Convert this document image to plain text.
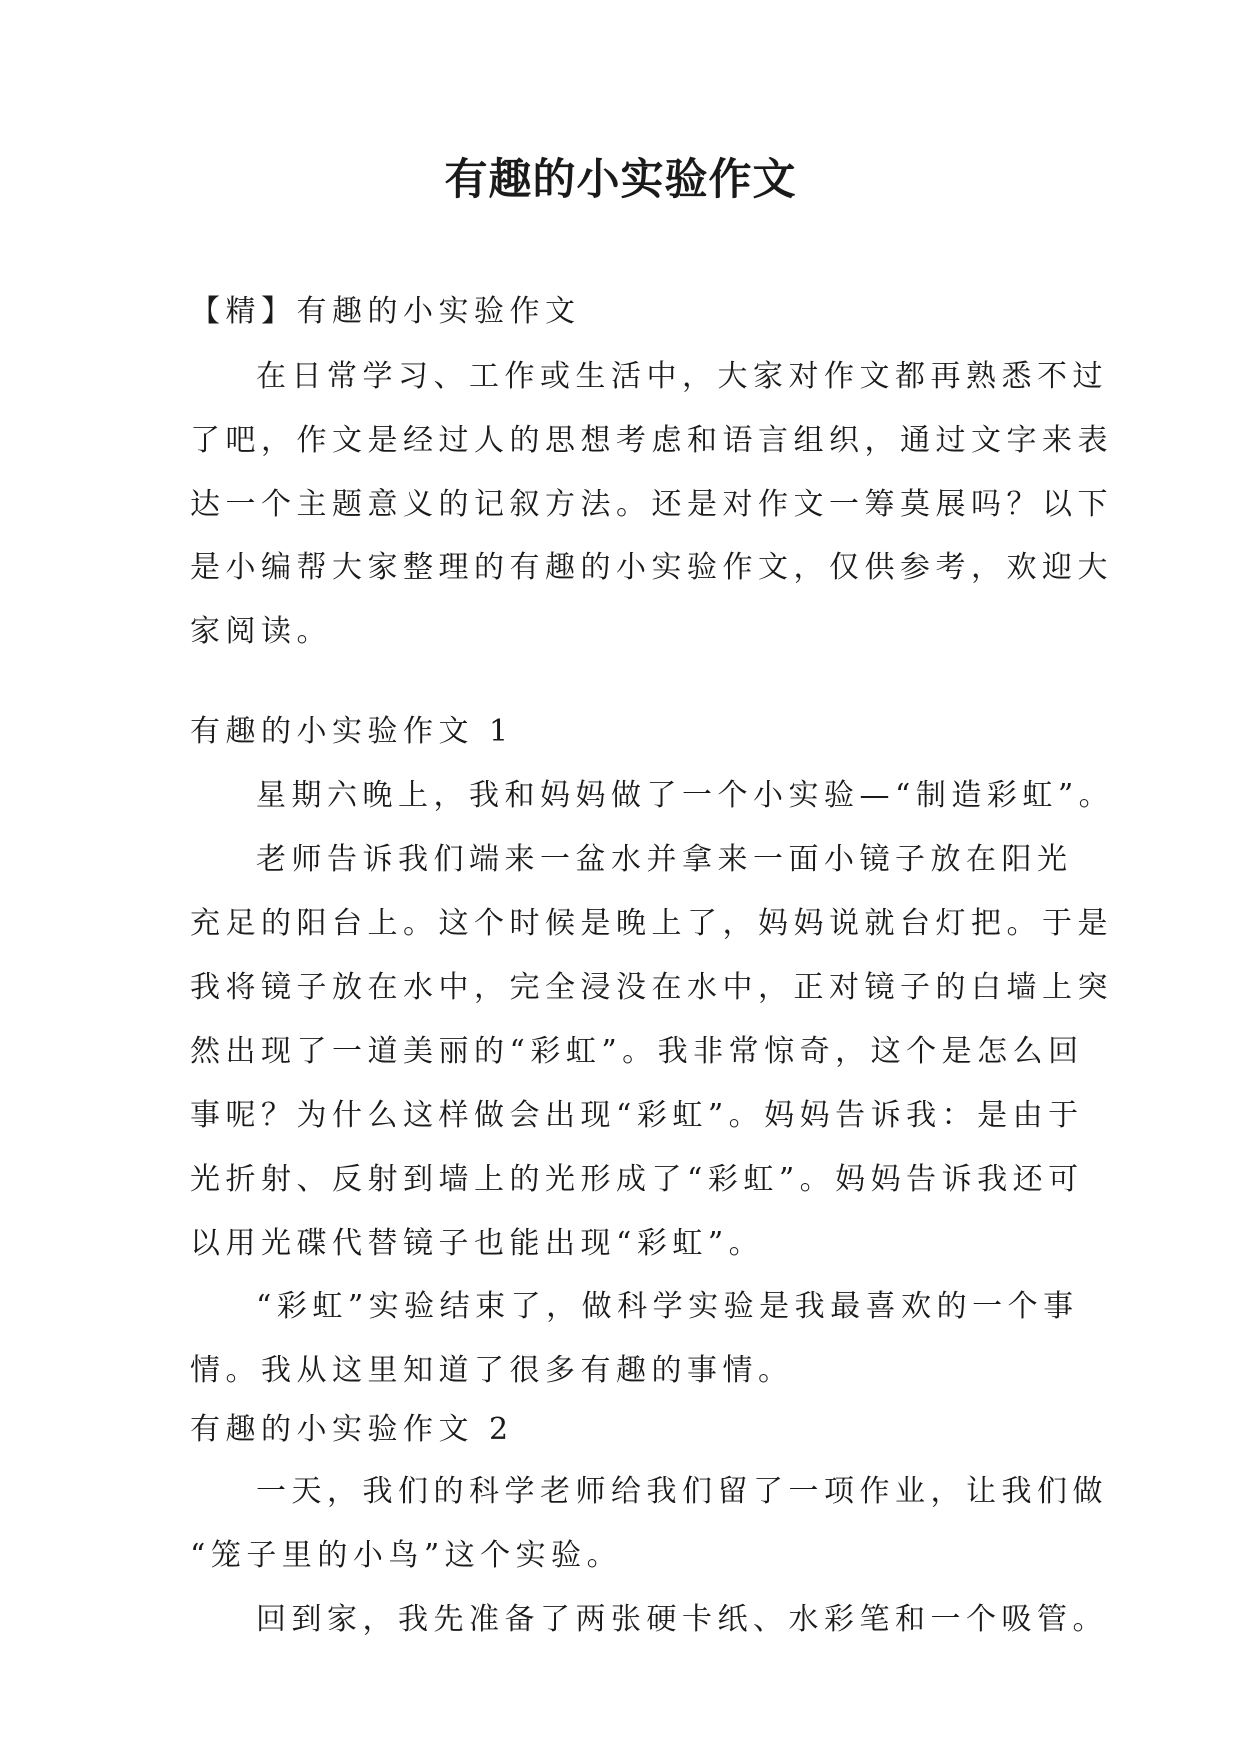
有趣的小实验作文
【精】有趣的小实验作文
在日常学习、工作或生活中，大家对作文都再熟悉不过
了吧，作文是经过人的思想考虑和语言组织，通过文字来表
达一个主题意义的记叙方法。还是对作文一筹莫展吗？以下
是小编帮大家整理的有趣的小实验作文，仅供参考，欢迎大
家阅读。
有趣的小实验作文 1
星期六晚上，我和妈妈做了一个小实验—“制造彩虹”。
老师告诉我们端来一盆水并拿来一面小镜子放在阳光
充足的阳台上。这个时候是晚上了，妈妈说就台灯把。于是
我将镜子放在水中，完全浸没在水中，正对镜子的白墙上突
然出现了一道美丽的“彩虹”。我非常惊奇，这个是怎么回
事呢？为什么这样做会出现“彩虹”。妈妈告诉我：是由于
光折射、反射到墙上的光形成了“彩虹”。妈妈告诉我还可
以用光碟代替镜子也能出现“彩虹”。
“彩虹”实验结束了，做科学实验是我最喜欢的一个事
情。我从这里知道了很多有趣的事情。
有趣的小实验作文 2
一天，我们的科学老师给我们留了一项作业，让我们做
“笼子里的小鸟”这个实验。
回到家，我先准备了两张硬卡纸、水彩笔和一个吸管。
